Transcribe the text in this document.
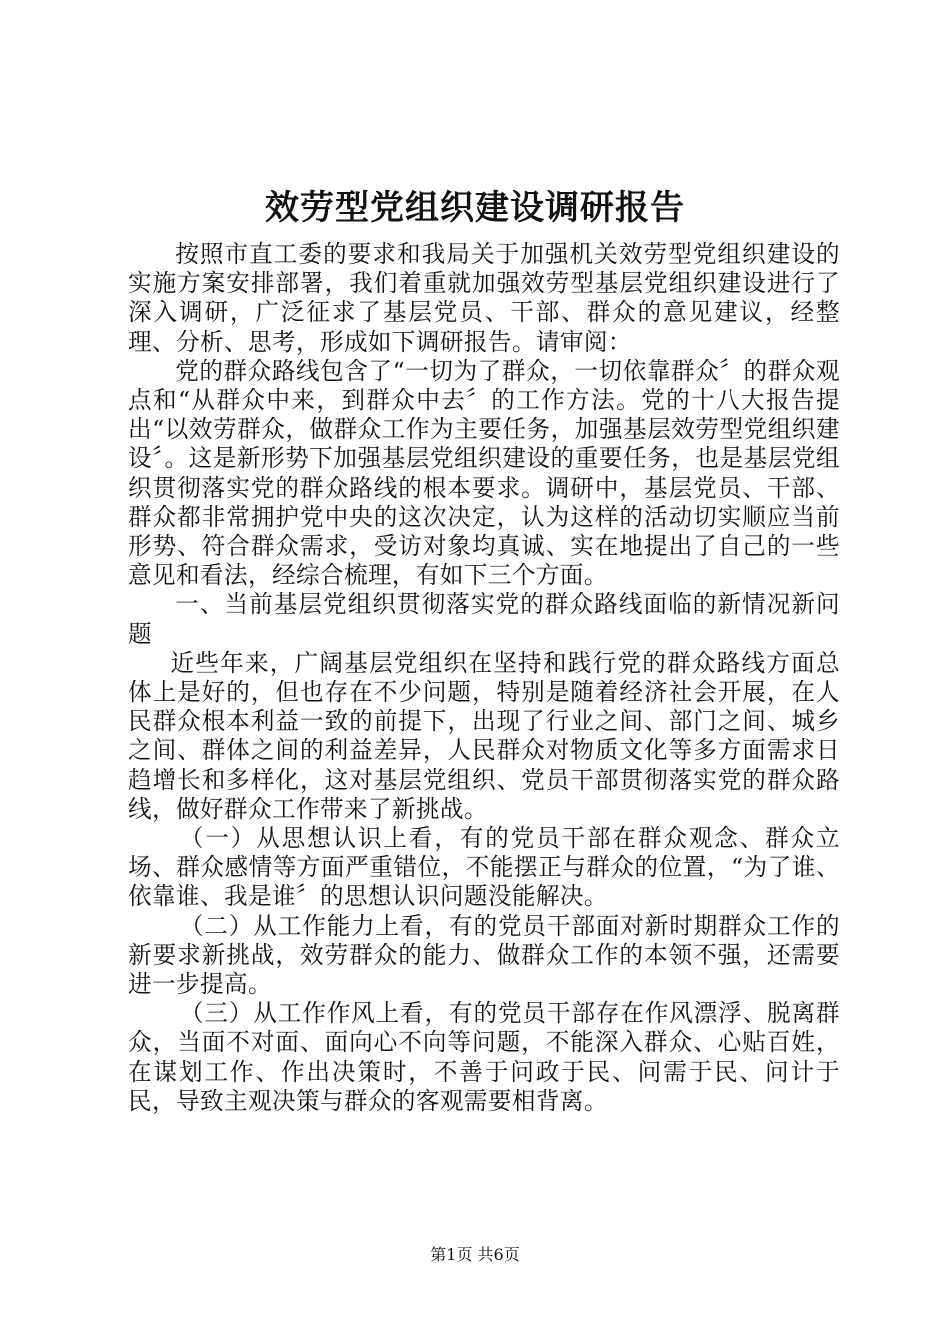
效劳型党组织建设调研报告

按照市直工委的要求和我局关于加强机关效劳型党组织建设的实施方案安排部署，我们着重就加强效劳型基层党组织建设进行了深入调研，广泛征求了基层党员、干部、群众的意见建议，经整理、分析、思考，形成如下调研报告。请审阅：

党的群众路线包含了“一切为了群众，一切依靠群众〞的群众观点和“从群众中来，到群众中去〞的工作方法。党的十八大报告提出“以效劳群众，做群众工作为主要任务，加强基层效劳型党组织建设〞。这是新形势下加强基层党组织建设的重要任务，也是基层党组织贯彻落实党的群众路线的根本要求。调研中，基层党员、干部、群众都非常拥护党中央的这次决定，认为这样的活动切实顺应当前形势、符合群众需求，受访对象均真诚、实在地提出了自己的一些意见和看法，经综合梳理，有如下三个方面。

一、当前基层党组织贯彻落实党的群众路线面临的新情况新问题

近些年来，广阔基层党组织在坚持和践行党的群众路线方面总体上是好的，但也存在不少问题，特别是随着经济社会开展，在人民群众根本利益一致的前提下，出现了行业之间、部门之间、城乡之间、群体之间的利益差异，人民群众对物质文化等多方面需求日趋增长和多样化，这对基层党组织、党员干部贯彻落实党的群众路线，做好群众工作带来了新挑战。

（一）从思想认识上看，有的党员干部在群众观念、群众立场、群众感情等方面严重错位，不能摆正与群众的位置，“为了谁、依靠谁、我是谁〞的思想认识问题没能解决。

（二）从工作能力上看，有的党员干部面对新时期群众工作的新要求新挑战，效劳群众的能力、做群众工作的本领不强，还需要进一步提高。

（三）从工作作风上看，有的党员干部存在作风漂浮、脱离群众，当面不对面、面向心不向等问题，不能深入群众、心贴百姓，在谋划工作、作出决策时，不善于问政于民、问需于民、问计于民，导致主观决策与群众的客观需要相背离。

第1页 共6页
